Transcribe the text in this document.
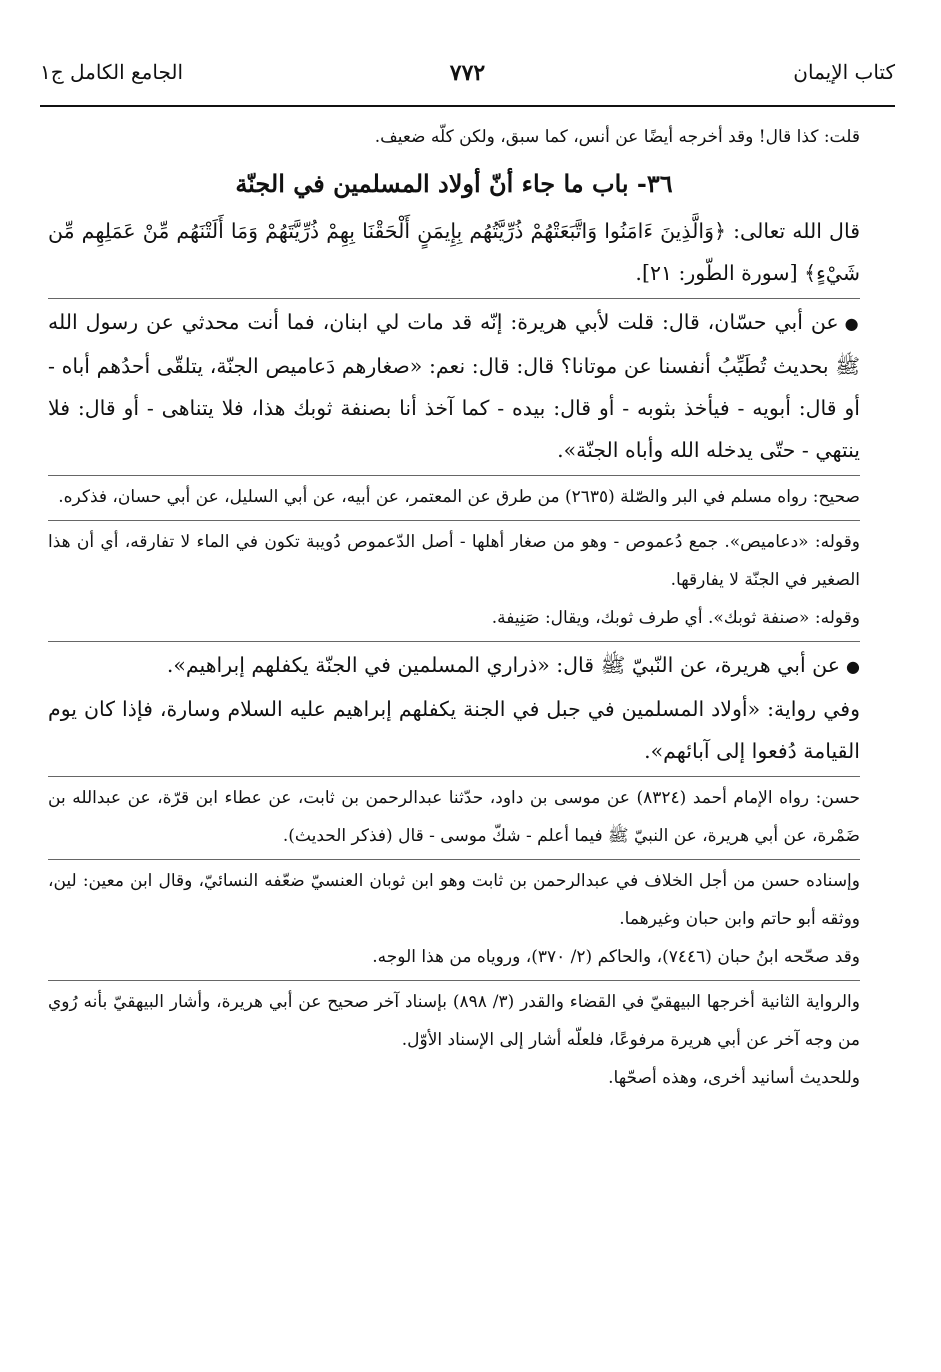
كتاب الإيمان
٧٧٢
الجامع الكامل ج١

قلت: كذا قال! وقد أخرجه أيضًا عن أنس، كما سبق، ولكن كلّه ضعيف.

٣٦- باب ما جاء أنّ أولاد المسلمين في الجنّة

قال الله تعالى: ﴿وَالَّذِينَ ءَامَنُوا وَاتَّبَعَتْهُمْ ذُرِّيَّتُهُم بِإِيمَنٍ أَلْحَقْنَا بِهِمْ ذُرِّيَّتَهُمْ وَمَا أَلَتْنَهُم مِّنْ عَمَلِهِم مِّن شَيْءٍ﴾ [سورة الطّور: ٢١].

●عن أبي حسّان، قال: قلت لأبي هريرة: إنّه قد مات لي ابنان، فما أنت محدثي عن رسول الله ﷺ بحديث تُطَيِّبُ أنفسنا عن موتانا؟ قال: قال: نعم: «صغارهم دَعاميص الجنّة، يتلقّى أحدُهم أباه - أو قال: أبويه - فيأخذ بثوبه - أو قال: بيده - كما آخذ أنا بصنفة ثوبك هذا، فلا يتناهى - أو قال: فلا ينتهي - حتّى يدخله الله وأباه الجنّة».

صحيح: رواه مسلم في البر والصّلة (٢٦٣٥) من طرق عن المعتمر، عن أبيه، عن أبي السليل، عن أبي حسان، فذكره.

وقوله: «دعاميص». جمع دُعموص - وهو من صغار أهلها - أصل الدّعموص دُويبة تكون في الماء لا تفارقه، أي أن هذا الصغير في الجنّة لا يفارقها.

وقوله: «صنفة ثوبك». أي طرف ثوبك، ويقال: صَنِيفة.

●عن أبي هريرة، عن النّبيّ ﷺ قال: «ذراري المسلمين في الجنّة يكفلهم إبراهيم».

وفي رواية: «أولاد المسلمين في جبل في الجنة يكفلهم إبراهيم عليه السلام وسارة، فإذا كان يوم القيامة دُفعوا إلى آبائهم».

حسن: رواه الإمام أحمد (٨٣٢٤) عن موسى بن داود، حدّثنا عبدالرحمن بن ثابت، عن عطاء ابن قرّة، عن عبدالله بن ضَمْرة، عن أبي هريرة، عن النبيّ ﷺ فيما أعلم - شكّ موسى - قال (فذكر الحديث).

وإسناده حسن من أجل الخلاف في عبدالرحمن بن ثابت وهو ابن ثوبان العنسيّ ضعّفه النسائيّ، وقال ابن معين: لين، ووثقه أبو حاتم وابن حبان وغيرهما.

وقد صحّحه ابنُ حبان (٧٤٤٦)، والحاكم (٢/ ٣٧٠)، وروياه من هذا الوجه.

والرواية الثانية أخرجها البيهقيّ في القضاء والقدر (٣/ ٨٩٨) بإسناد آخر صحيح عن أبي هريرة، وأشار البيهقيّ بأنه رُوي من وجه آخر عن أبي هريرة مرفوعًا، فلعلّه أشار إلى الإسناد الأوّل.

وللحديث أسانيد أخرى، وهذه أصحّها.
